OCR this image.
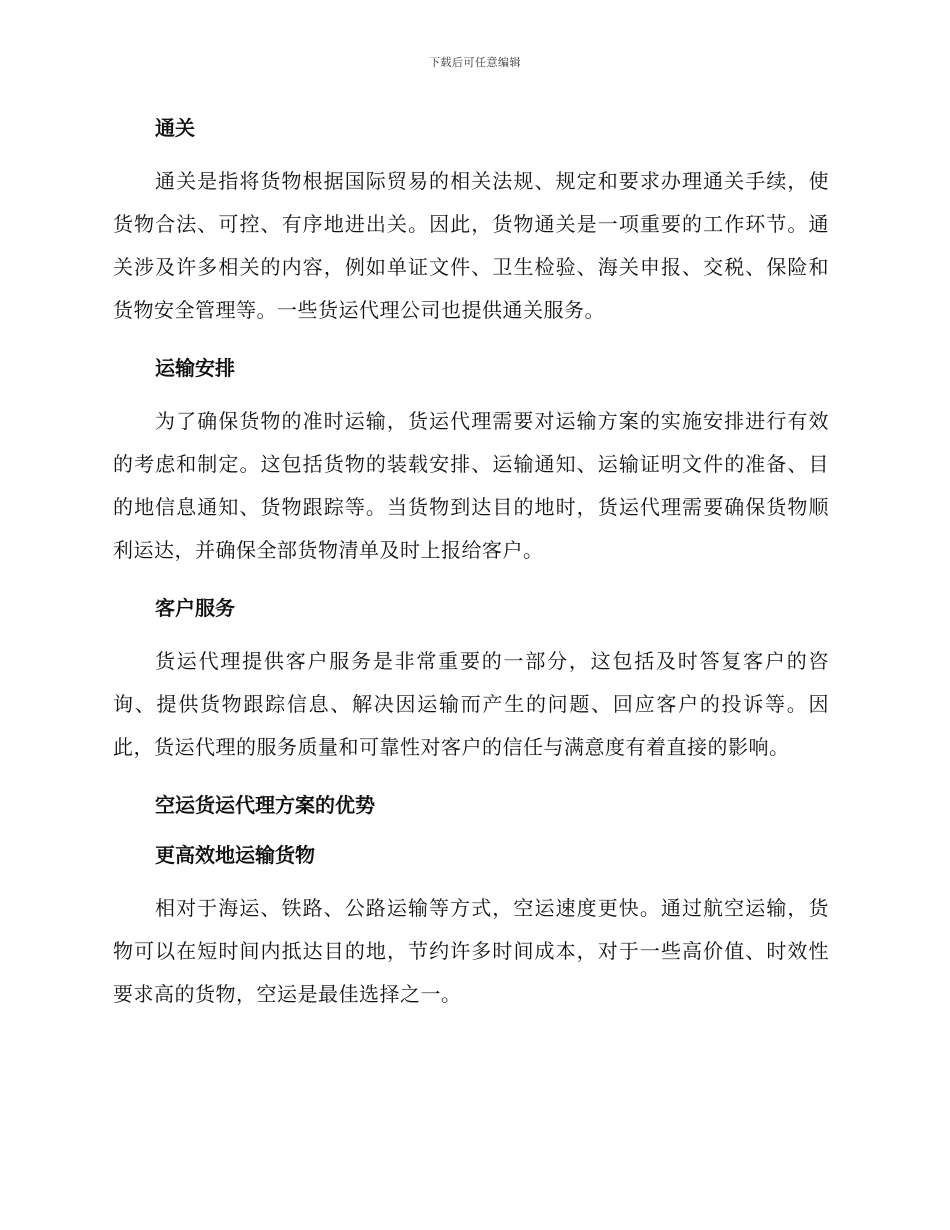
下载后可任意编辑
通关

通关是指将货物根据国际贸易的相关法规、规定和要求办理通关手续，使货物合法、可控、有序地进出关。因此，货物通关是一项重要的工作环节。通关涉及许多相关的内容，例如单证文件、卫生检验、海关申报、交税、保险和货物安全管理等。一些货运代理公司也提供通关服务。

运输安排

为了确保货物的准时运输，货运代理需要对运输方案的实施安排进行有效的考虑和制定。这包括货物的装载安排、运输通知、运输证明文件的准备、目的地信息通知、货物跟踪等。当货物到达目的地时，货运代理需要确保货物顺利运达，并确保全部货物清单及时上报给客户。

客户服务

货运代理提供客户服务是非常重要的一部分，这包括及时答复客户的咨询、提供货物跟踪信息、解决因运输而产生的问题、回应客户的投诉等。因此，货运代理的服务质量和可靠性对客户的信任与满意度有着直接的影响。

空运货运代理方案的优势
更高效地运输货物

相对于海运、铁路、公路运输等方式，空运速度更快。通过航空运输，货物可以在短时间内抵达目的地，节约许多时间成本，对于一些高价值、时效性要求高的货物，空运是最佳选择之一。
